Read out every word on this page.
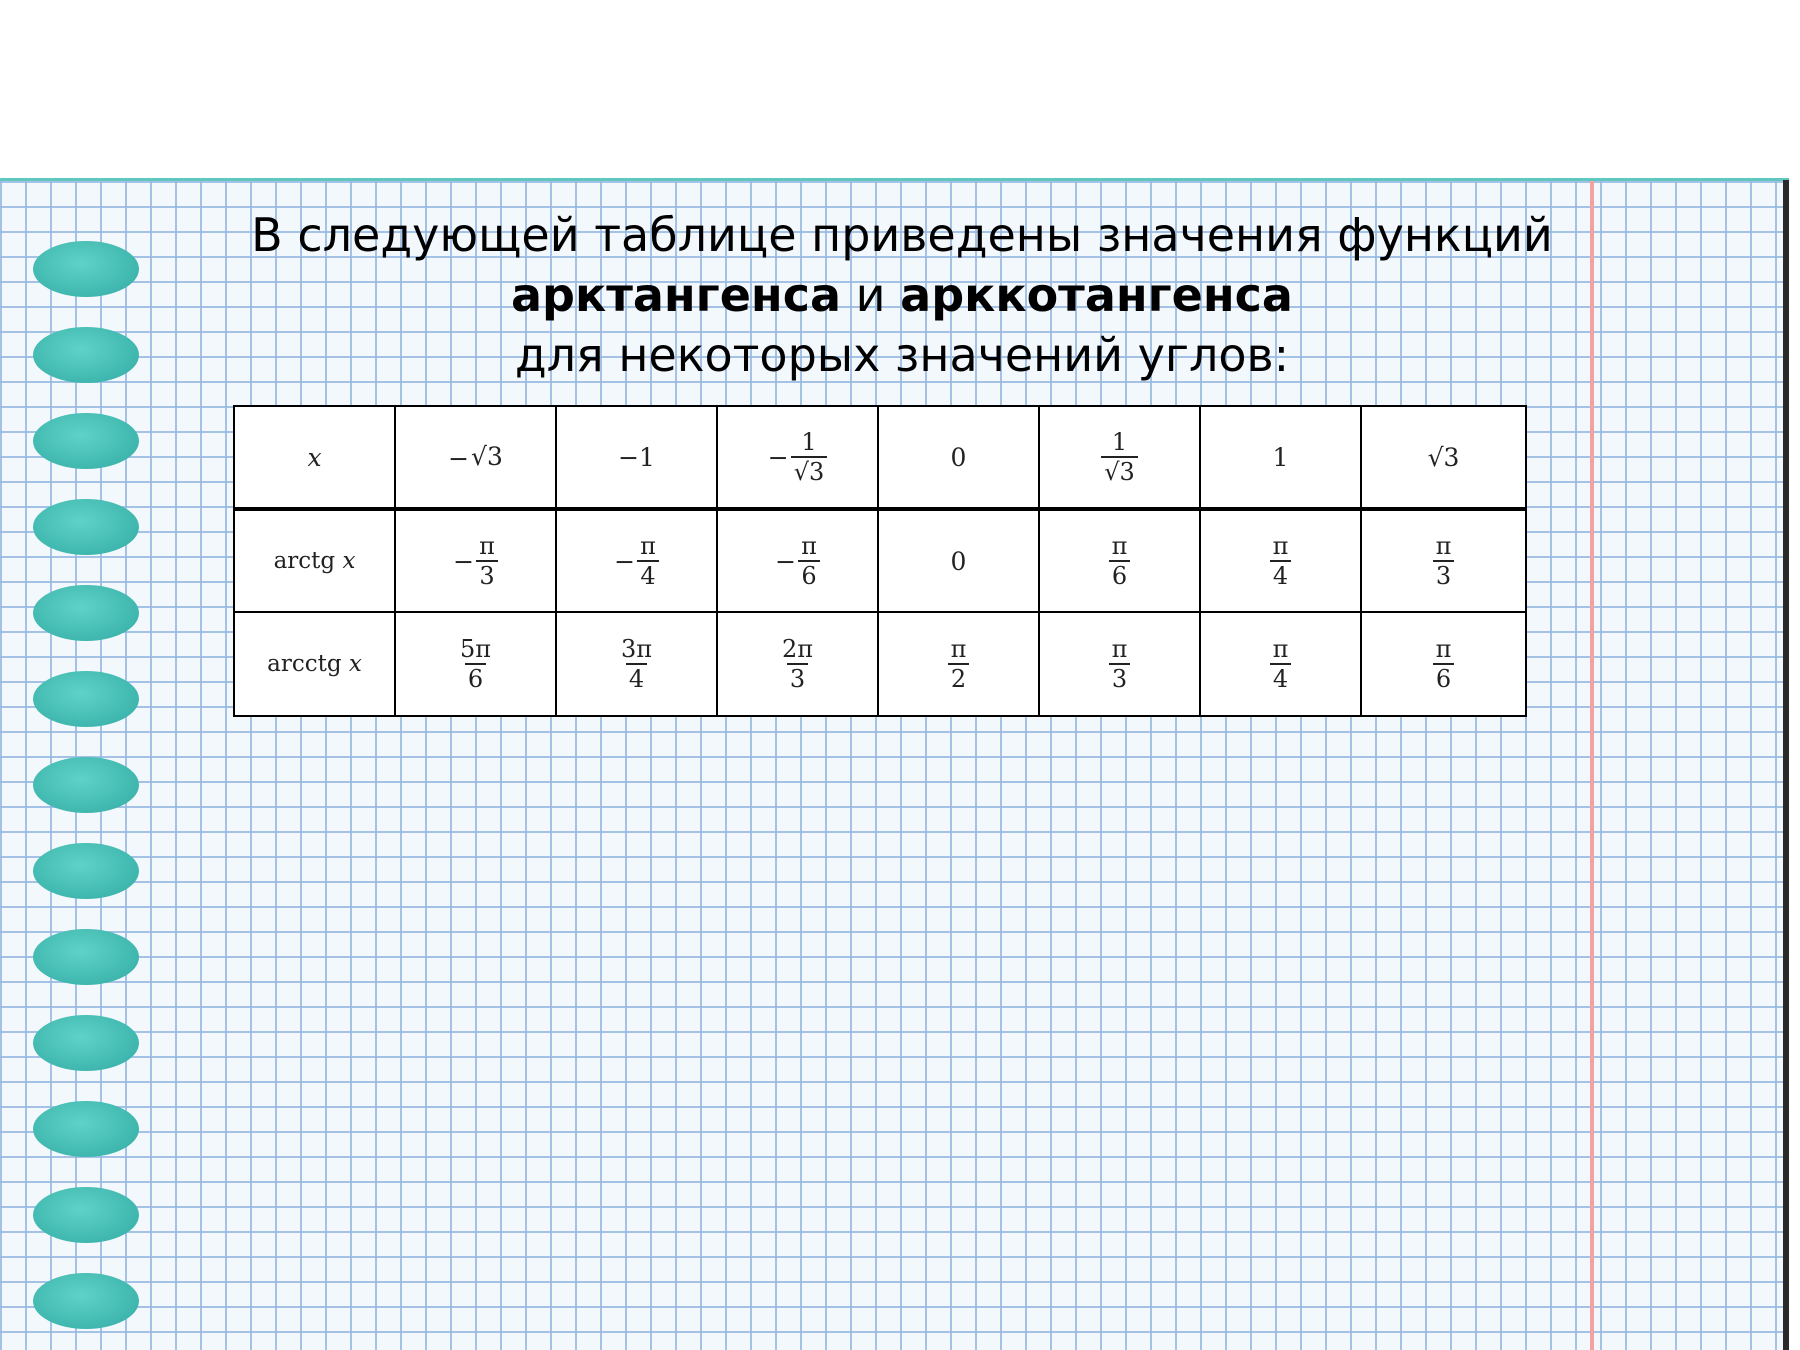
В следующей таблице приведены значения функций
арктангенса и арккотангенса
для некоторых значений углов:
x	−√3	−1	− $\frac{1}{√3}$	0	$\frac{1}{√3}$	1	√3
arctg x	− $\frac{\pi}{3}$	− $\frac{\pi}{4}$	− $\frac{\pi}{6}$	0	$\frac{\pi}{6}$	$\frac{\pi}{4}$	$\frac{\pi}{3}$

arcctg x	$\frac{5\pi}{6}$	$\frac{3\pi}{4}$	$\frac{2\pi}{3}$	$\frac{\pi}{2}$	$\frac{\pi}{3}$	$\frac{\pi}{4}$	$\frac{\pi}{6}$
